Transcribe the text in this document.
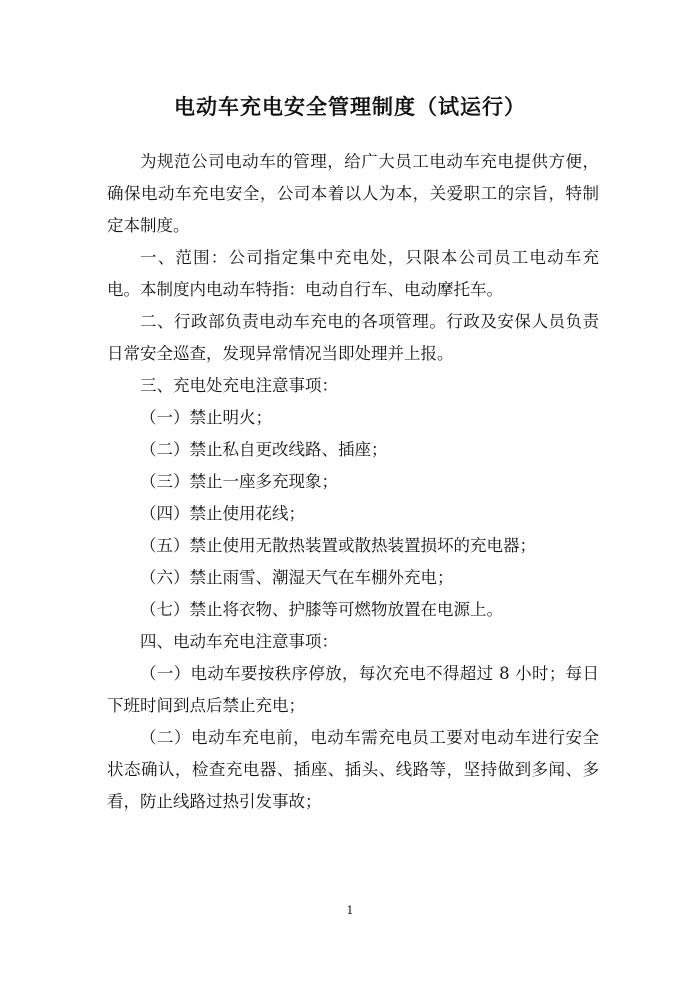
电动车充电安全管理制度（试运行）

为规范公司电动车的管理，给广大员工电动车充电提供方便，确保电动车充电安全，公司本着以人为本，关爱职工的宗旨，特制定本制度。

一、范围：公司指定集中充电处，只限本公司员工电动车充电。本制度内电动车特指：电动自行车、电动摩托车。

二、行政部负责电动车充电的各项管理。行政及安保人员负责日常安全巡查，发现异常情况当即处理并上报。

三、充电处充电注意事项：

（一）禁止明火；

（二）禁止私自更改线路、插座；

（三）禁止一座多充现象；

（四）禁止使用花线；

（五）禁止使用无散热装置或散热装置损坏的充电器；

（六）禁止雨雪、潮湿天气在车棚外充电；

（七）禁止将衣物、护膝等可燃物放置在电源上。

四、电动车充电注意事项：

（一）电动车要按秩序停放，每次充电不得超过 8 小时；每日下班时间到点后禁止充电；

（二）电动车充电前，电动车需充电员工要对电动车进行安全状态确认，检查充电器、插座、插头、线路等，坚持做到多闻、多看，防止线路过热引发事故；

1
